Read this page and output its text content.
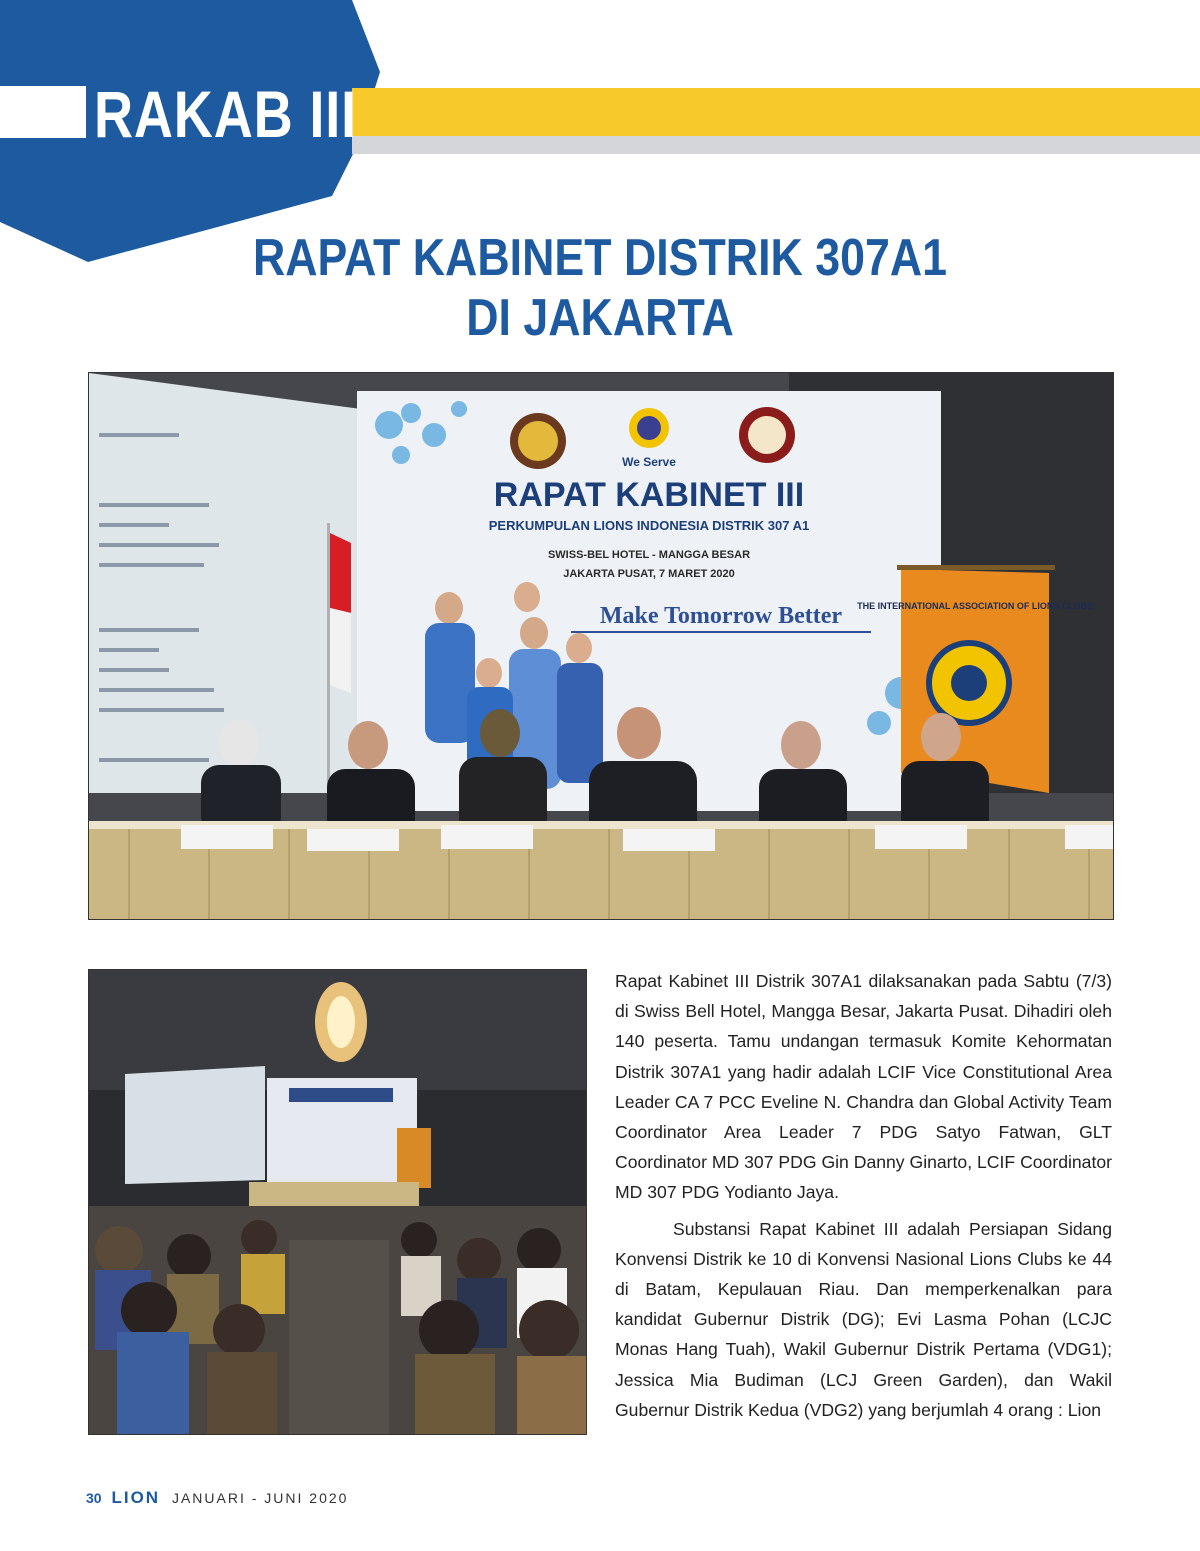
RAKAB III
RAPAT KABINET DISTRIK 307A1
DI JAKARTA
We Serve
RAPAT KABINET III
PERKUMPULAN LIONS INDONESIA DISTRIK 307 A1
SWISS-BEL HOTEL - MANGGA BESAR
JAKARTA PUSAT, 7 MARET 2020
Make Tomorrow Better THE INTERNATIONAL ASSOCIATION OF LIONS CLUBS

Rapat Kabinet III Distrik 307A1 dilaksanakan pada Sabtu (7/3) di Swiss Bell Hotel, Mangga Besar, Jakarta Pusat. Dihadiri oleh 140 peserta. Tamu undangan termasuk Komite Kehormatan Distrik 307A1 yang hadir adalah LCIF Vice Constitutional Area Leader CA 7 PCC Eveline N. Chandra dan Global Activity Team Coordinator Area Leader 7 PDG Satyo Fatwan, GLT Coordinator MD 307 PDG Gin Danny Ginarto, LCIF Coordinator MD 307 PDG Yodianto Jaya.

Substansi Rapat Kabinet III adalah Persiapan Sidang Konvensi Distrik ke 10 di Konvensi Nasional Lions Clubs ke 44 di Batam, Kepulauan Riau. Dan memperkenalkan para kandidat Gubernur Distrik (DG); Evi Lasma Pohan (LCJC Monas Hang Tuah), Wakil Gubernur Distrik Pertama (VDG1); Jessica Mia Budiman (LCJ Green Garden), dan Wakil Gubernur Distrik Kedua (VDG2) yang berjumlah 4 orang : Lion

30 LION JANUARI - JUNI 2020
